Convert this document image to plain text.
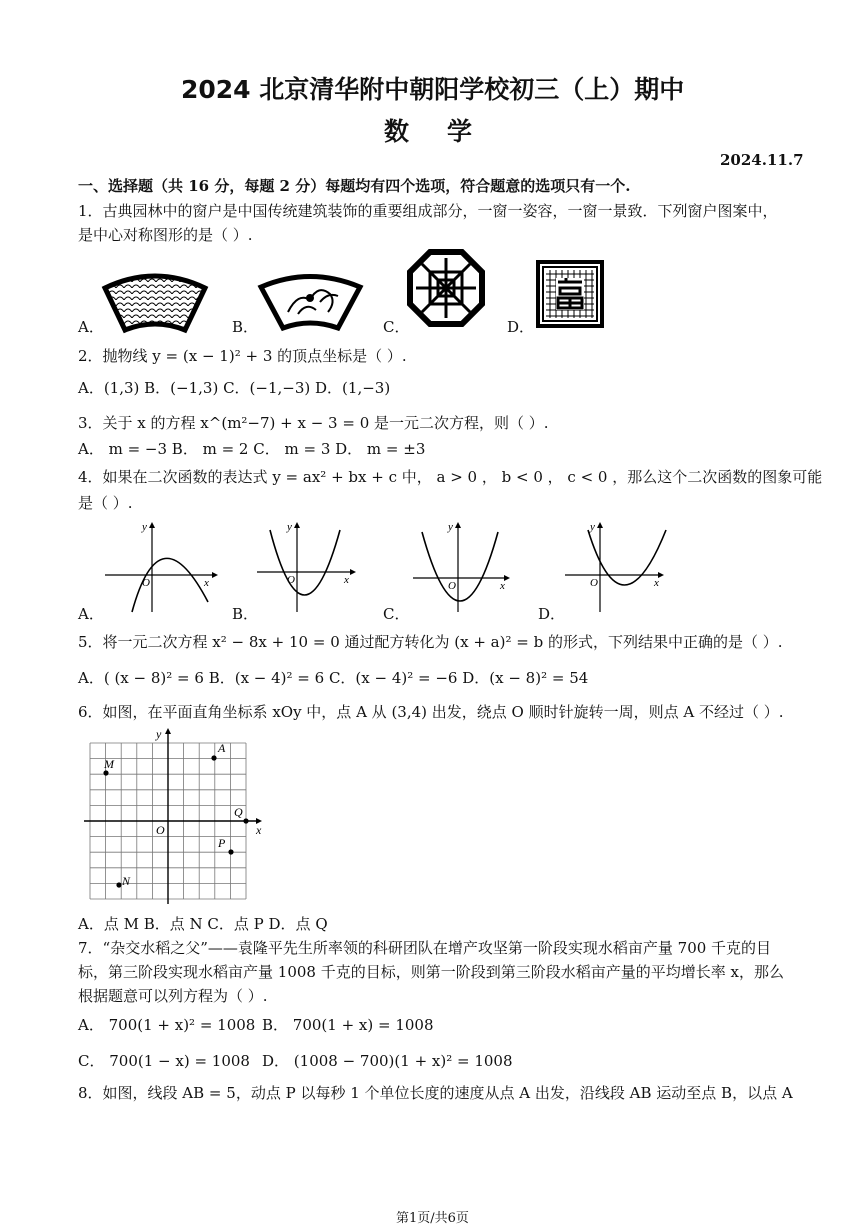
2024 北京清华附中朝阳学校初三（上）期中
数学
2024.11.7
一、选择题（共 16 分，每题 2 分）每题均有四个选项，符合题意的选项只有一个.
1．古典园林中的窗户是中国传统建筑装饰的重要组成部分，一窗一姿容，一窗一景致．下列窗户图案中，
是中心对称图形的是（ ）.
A．	B．	C．	D．
2．抛物线 y = (x − 1)² + 3 的顶点坐标是（ ）.
A．(1,3) B．(−1,3) C．(−1,−3) D．(1,−3)
3．关于 x 的方程 x^(m²−7) + x − 3 = 0 是一元二次方程，则（ ）.
A． m = −3 B． m = 2 C． m = 3 D． m = ±3
4．如果在二次函数的表达式 y = ax² + bx + c 中， a > 0 ， b < 0 ， c < 0 ，那么这个二次函数的图象可能
是（ ）.
y
O	x
y
O	x
y
O	x
y
O	x
A．	B．	C．	D．
5．将一元二次方程 x² − 8x + 10 = 0 通过配方转化为 (x + a)² = b 的形式，下列结果中正确的是（ ）.
A．( (x − 8)² = 6 B．(x − 4)² = 6 C．(x − 4)² = −6 D．(x − 8)² = 54
6．如图，在平面直角坐标系 xOy 中，点 A 从 (3,4) 出发，绕点 O 顺时针旋转一周，则点 A 不经过（ ）.
A
M
Q
P
N
O	x
y
A．点 M B．点 N C．点 P D．点 Q
7．“杂交水稻之父”——袁隆平先生所率领的科研团队在增产攻坚第一阶段实现水稻亩产量 700 千克的目
标，第三阶段实现水稻亩产量 1008 千克的目标，则第一阶段到第三阶段水稻亩产量的平均增长率 x，那么
根据题意可以列方程为（ ）.
A． 700(1 + x)² = 1008 B． 700(1 + x) = 1008
C． 700(1 − x) = 1008 D． (1008 − 700)(1 + x)² = 1008
8．如图，线段 AB = 5，动点 P 以每秒 1 个单位长度的速度从点 A 出发，沿线段 AB 运动至点 B，以点 A
第1页/共6页
